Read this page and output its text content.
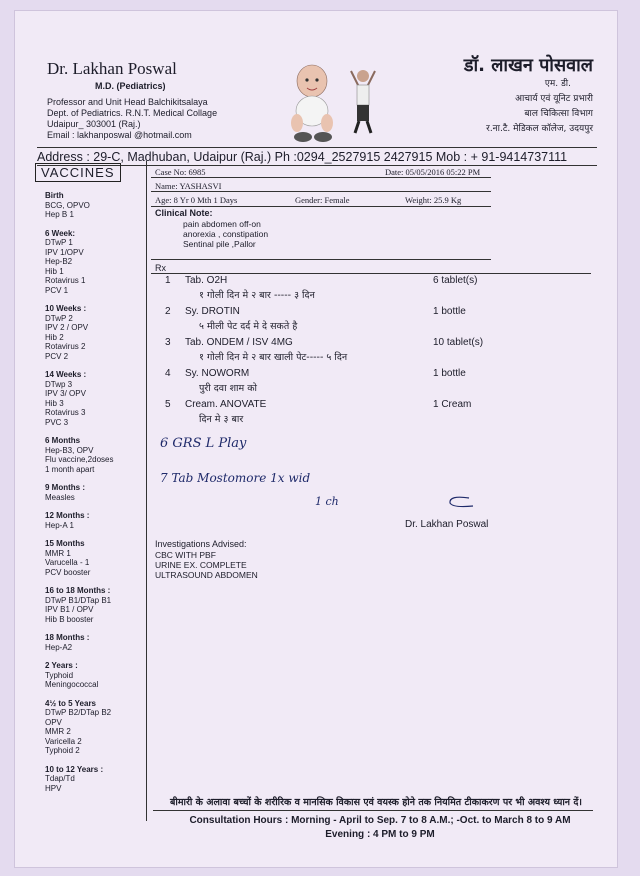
Dr. Lakhan Poswal
M.D. (Pediatrics)
Professor and Unit Head Balchikitsalaya
Dept. of Pediatrics. R.N.T. Medical Collage
Udaipur_ 303001 (Raj.)
Email : lakhanposwal @hotmail.com
डॉ. लाखन पोसवाल
एम. डी.
आचार्य एवं यूनिट प्रभारी
बाल चिकित्सा विभाग
र.ना.टै. मेडिकल कॉलेज, उदयपुर
Address : 29-C, Madhuban, Udaipur (Raj.) Ph :0294_2527915 2427915 Mob : + 91-9414737111
VACCINES
Birth
BCG, OPVO
Hep B 1
6 Week:
DTwP 1
IPV 1/OPV
Hep-B2
Hib 1
Rotavirus 1
PCV 1
10 Weeks :
DTwP 2
IPV 2 / OPV
Hib 2
Rotavirus 2
PCV 2
14 Weeks :
DTwp 3
IPV 3/ OPV
Hib 3
Rotavirus 3
PVC 3
6 Months
Hep-B3, OPV
Flu vaccine,2doses
1 month apart
9 Months :
Measles
12 Months :
Hep-A 1
15 Months
MMR 1
Varucella - 1
PCV booster
16 to 18 Months :
DTwP B1/DTap B1
IPV B1 / OPV
Hib B booster
18 Months :
Hep-A2
2 Years :
Typhoid
Meningococcal
4½ to 5 Years
DTwP B2/DTap B2
OPV
MMR 2
Varicella 2
Typhoid 2
10 to 12 Years :
Tdap/Td
HPV
Case No: 6985	Date: 05/05/2016 05:22 PM
Name: YASHASVI
Age: 8 Yr 0 Mth 1 Days	Gender: Female	Weight: 25.9 Kg
Clinical Note:
pain abdomen off-on
anorexia , constipation
Sentinal pile ,Pallor
Rx
1 Tab. O2H	6 tablet(s)
१ गोली दिन मे २ बार ----- ३ दिन
2 Sy. DROTIN	1 bottle
५ मीली पेट दर्द मे दे सकते है
3 Tab. ONDEM / ISV 4MG	10 tablet(s)
१ गोली दिन मे २ बार खाली पेट----- ५ दिन
4 Sy. NOWORM	1 bottle
पुरी दवा शाम को
5 Cream. ANOVATE	1 Cream
दिन मे ३ बार
6 GRS L Play
7 Tab Mostomore 1x wid
1 ch
Dr. Lakhan Poswal
Investigations Advised:
CBC WITH PBF
URINE EX. COMPLETE
ULTRASOUND ABDOMEN
बीमारी के अलावा बच्चों के शरीरिक व मानसिक विकास एवं वयस्क होने तक नियमित टीकाकरण पर भी अवश्य ध्यान दें।
Consultation Hours : Morning - April to Sep. 7 to 8 A.M.; -Oct. to March 8 to 9 AM
Evening : 4 PM to 9 PM
